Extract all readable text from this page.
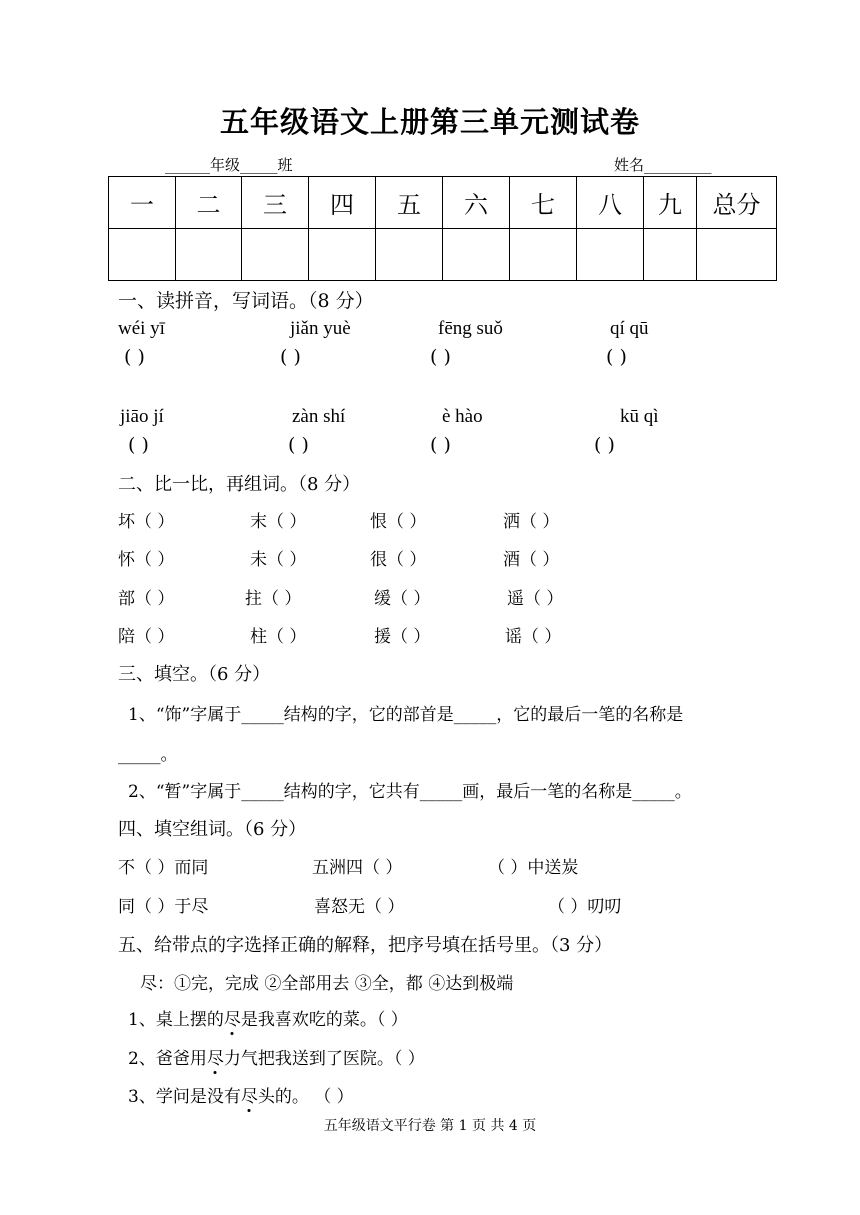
五年级语文上册第三单元测试卷
______年级_____班	姓名_________
一	二	三	四	五	六	七	八	九	总分

一、读拼音，写词语。（8 分）
wéi yī	jiǎn yuè	fēng suǒ	qí qū
( )	( )	( )	( )
jiāo jí	zàn shí	è hào	kū qì
( )	( )	( )	( )
二、比一比，再组词。（8 分）
坏（ ）	末（ ）	恨（ ）	洒（ ）
怀（ ）	未（ ）	很（ ）	酒（ ）
部（ ）	拄（ ）	缓（ ）	遥（ ）
陪（ ）	柱（ ）	援（ ）	谣（ ）
三、填空。（6 分）
1、“饰”字属于_____结构的字，它的部首是_____，它的最后一笔的名称是
_____。
2、“暂”字属于_____结构的字，它共有_____画，最后一笔的名称是_____。
四、填空组词。（6 分）
不（ ）而同	五洲四（ ）	（ ）中送炭
同（ ）于尽	喜怒无（ ）	（ ）叨叨
五、给带点的字选择正确的解释，把序号填在括号里。（3 分）
尽：①完，完成 ②全部用去 ③全，都 ④达到极端
1、桌上摆的尽是我喜欢吃的菜。（ ）
2、爸爸用尽力气把我送到了医院。（ ）
3、学问是没有尽头的。 （ ）
五年级语文平行卷 第 1 页 共 4 页
